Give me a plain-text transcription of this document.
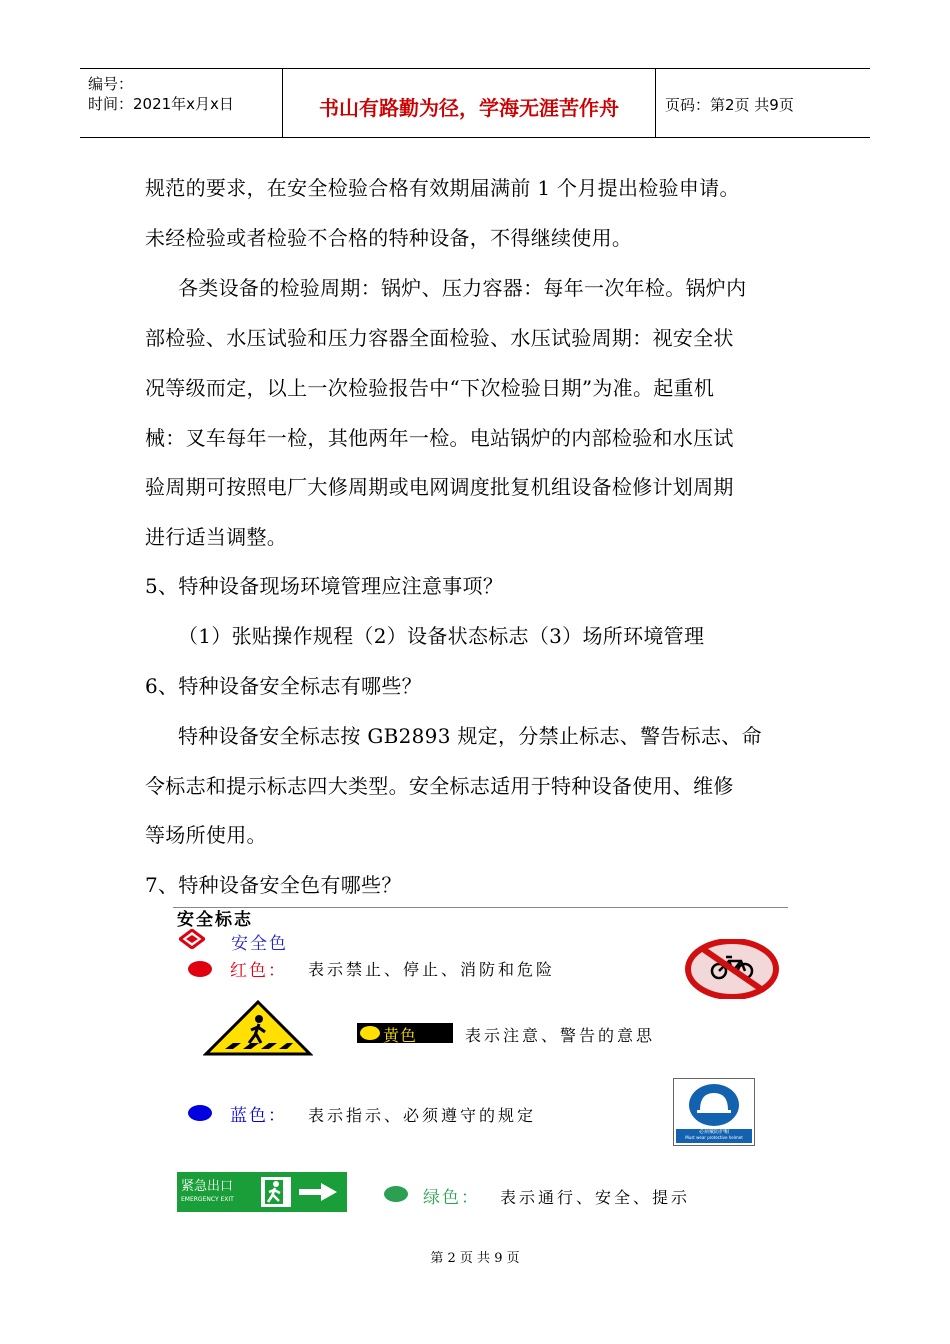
编号：
时间：2021年x月x日	书山有路勤为径，学海无涯苦作舟	页码：第2页 共9页
规范的要求，在安全检验合格有效期届满前 1 个月提出检验申请。
未经检验或者检验不合格的特种设备，不得继续使用。
各类设备的检验周期：锅炉、压力容器：每年一次年检。锅炉内
部检验、水压试验和压力容器全面检验、水压试验周期：视安全状
况等级而定，以上一次检验报告中“下次检验日期”为准。起重机
械：叉车每年一检，其他两年一检。电站锅炉的内部检验和水压试
验周期可按照电厂大修周期或电网调度批复机组设备检修计划周期
进行适当调整。
5、特种设备现场环境管理应注意事项？
（1）张贴操作规程（2）设备状态标志（3）场所环境管理
6、特种设备安全标志有哪些？
特种设备安全标志按 GB2893 规定，分禁止标志、警告标志、命
令标志和提示标志四大类型。安全标志适用于特种设备使用、维修
等场所使用。
7、特种设备安全色有哪些？
安全标志
安全色
红色： 表示禁止、停止、消防和危险
黄色	表示注意、警告的意思
蓝色： 表示指示、必须遵守的规定
必须戴防护帽
Must wear protective helmet
紧急出口
EMERGENCY EXIT	绿色： 表示通行、安全、提示
第 2 页 共 9 页
